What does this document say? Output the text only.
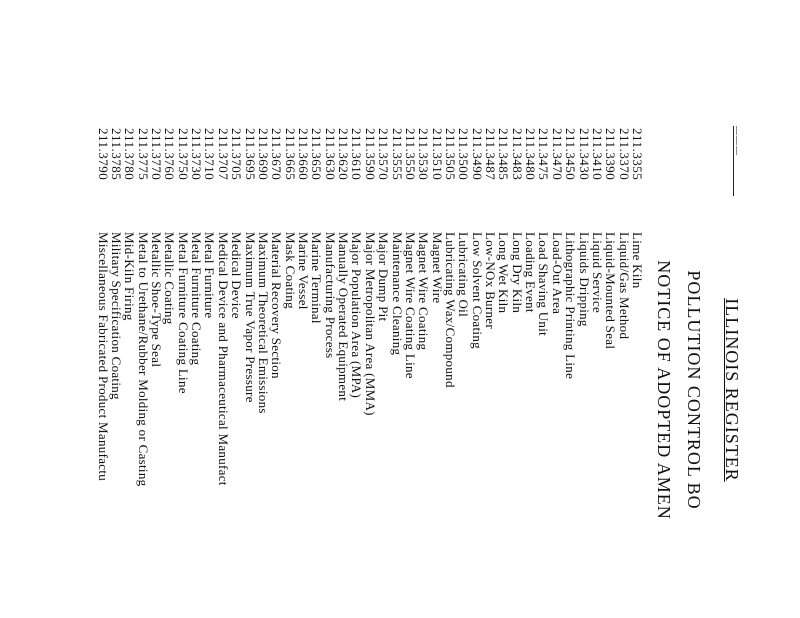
———
ILLINOIS REGISTER
POLLUTION CONTROL BO
NOTICE OF ADOPTED AMEN
211.3355
Lime Kiln
211.3370
Liquid/Gas Method
211.3390
Liquid-Mounted Seal
211.3410
Liquid Service
211.3430
Liquids Dripping
211.3450
Lithographic Printing Line
211.3470
Load-Out Area
211.3475
Load Shaving Unit
211.3480
Loading Event
211.3483
Long Dry Kiln
211.3485
Long Wet Kiln
211.3487
Low-NOx Burner
211.3490
Low Solvent Coating
211.3500
Lubricating Oil
211.3505
Lubricating Wax/Compound
211.3510
Magnet Wire
211.3530
Magnet Wire Coating
211.3550
Magnet Wire Coating Line
211.3555
Maintenance Cleaning
211.3570
Major Dump Pit
211.3590
Major Metropolitan Area (MMA)
211.3610
Major Population Area (MPA)
211.3620
Manually Operated Equipment
211.3630
Manufacturing Process
211.3650
Marine Terminal
211.3660
Marine Vessel
211.3665
Mask Coating
211.3670
Material Recovery Section
211.3690
Maximum Theoretical Emissions
211.3695
Maximum True Vapor Pressure
211.3705
Medical Device
211.3707
Medical Device and Pharmaceutical Manufact
211.3710
Metal Furniture
211.3730
Metal Furniture Coating
211.3750
Metal Furniture Coating Line
211.3760
Metallic Coating
211.3770
Metallic Shoe-Type Seal
211.3775
Metal to Urethane/Rubber Molding or Casting
211.3780
Mid-Kiln Firing
211.3785
Military Specification Coating
211.3790
Miscellaneous Fabricated Product Manufactu
